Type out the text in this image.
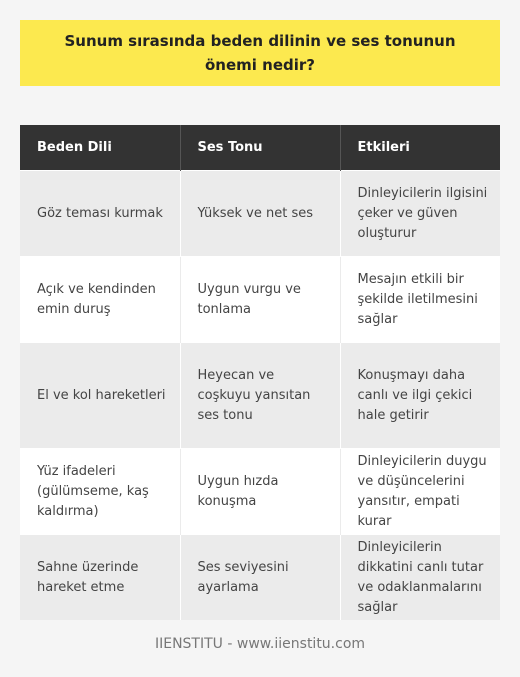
Sunum sırasında beden dilinin ve ses tonunun önemi nedir?
Beden Dili	Ses Tonu	Etkileri
Göz teması kurmak	Yüksek ve net ses	Dinleyicilerin ilgisini çeker ve güven oluşturur
Açık ve kendinden emin duruş	Uygun vurgu ve tonlama	Mesajın etkili bir şekilde iletilmesini sağlar
El ve kol hareketleri	Heyecan ve coşkuyu yansıtan ses tonu	Konuşmayı daha canlı ve ilgi çekici hale getirir
Yüz ifadeleri (gülümseme, kaş kaldırma)	Uygun hızda konuşma	Dinleyicilerin duygu ve düşüncelerini yansıtır, empati kurar
Sahne üzerinde hareket etme	Ses seviyesini ayarlama	Dinleyicilerin dikkatini canlı tutar ve odaklanmalarını sağlar
IIENSTITU - www.iienstitu.com
